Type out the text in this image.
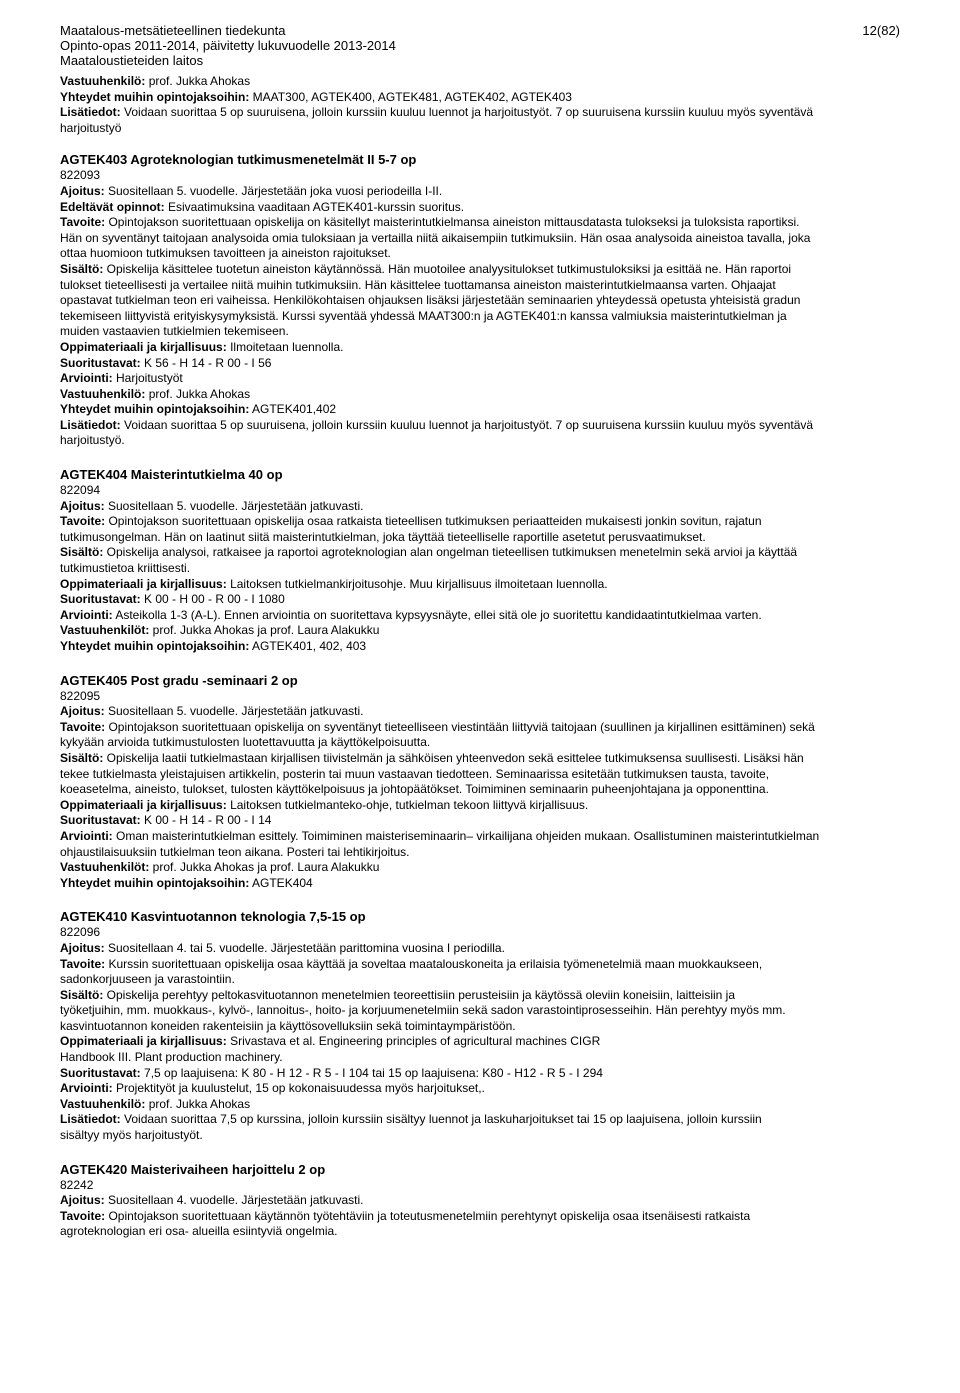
Maatalous-metsätieteellinen tiedekunta
Opinto-opas 2011-2014, päivitetty lukuvuodelle 2013-2014
Maataloustieteiden laitos
12(82)

Vastuuhenkilö: prof. Jukka Ahokas

Yhteydet muihin opintojaksoihin: MAAT300, AGTEK400, AGTEK481, AGTEK402, AGTEK403

Lisätiedot: Voidaan suorittaa 5 op suuruisena, jolloin kurssiin kuuluu luennot ja harjoitustyöt. 7 op suuruisena kurssiin kuuluu myös syventävä

harjoitustyö

AGTEK403 Agroteknologian tutkimusmenetelmät II 5-7 op

822093

Ajoitus: Suositellaan 5. vuodelle. Järjestetään joka vuosi periodeilla I-II.

Edeltävät opinnot: Esivaatimuksina vaaditaan AGTEK401-kurssin suoritus.

Tavoite: Opintojakson suoritettuaan opiskelija on käsitellyt maisterintutkielmansa aineiston mittausdatasta tulokseksi ja tuloksista raportiksi.

Hän on syventänyt taitojaan analysoida omia tuloksiaan ja vertailla niitä aikaisempiin tutkimuksiin. Hän osaa analysoida aineistoa tavalla, joka

ottaa huomioon tutkimuksen tavoitteen ja aineiston rajoitukset.

Sisältö: Opiskelija käsittelee tuotetun aineiston käytännössä. Hän muotoilee analyysitulokset tutkimustuloksiksi ja esittää ne. Hän raportoi

tulokset tieteellisesti ja vertailee niitä muihin tutkimuksiin. Hän käsittelee tuottamansa aineiston maisterintutkielmaansa varten. Ohjaajat

opastavat tutkielman teon eri vaiheissa. Henkilökohtaisen ohjauksen lisäksi järjestetään seminaarien yhteydessä opetusta yhteisistä gradun

tekemiseen liittyvistä erityiskysymyksistä. Kurssi syventää yhdessä MAAT300:n ja AGTEK401:n kanssa valmiuksia maisterintutkielman ja

muiden vastaavien tutkielmien tekemiseen.

Oppimateriaali ja kirjallisuus: Ilmoitetaan luennolla.

Suoritustavat: K 56 - H 14 - R 00 - I 56

Arviointi: Harjoitustyöt

Vastuuhenkilö: prof. Jukka Ahokas

Yhteydet muihin opintojaksoihin: AGTEK401,402

Lisätiedot: Voidaan suorittaa 5 op suuruisena, jolloin kurssiin kuuluu luennot ja harjoitustyöt. 7 op suuruisena kurssiin kuuluu myös syventävä

harjoitustyö.

AGTEK404 Maisterintutkielma 40 op

822094

Ajoitus: Suositellaan 5. vuodelle. Järjestetään jatkuvasti.

Tavoite: Opintojakson suoritettuaan opiskelija osaa ratkaista tieteellisen tutkimuksen periaatteiden mukaisesti jonkin sovitun, rajatun

tutkimusongelman. Hän on laatinut siitä maisterintutkielman, joka täyttää tieteelliselle raportille asetetut perusvaatimukset.

Sisältö: Opiskelija analysoi, ratkaisee ja raportoi agroteknologian alan ongelman tieteellisen tutkimuksen menetelmin sekä arvioi ja käyttää

tutkimustietoa kriittisesti.

Oppimateriaali ja kirjallisuus: Laitoksen tutkielmankirjoitusohje. Muu kirjallisuus ilmoitetaan luennolla.

Suoritustavat: K 00 - H 00 - R 00 - I 1080

Arviointi: Asteikolla 1-3 (A-L). Ennen arviointia on suoritettava kypsyysnäyte, ellei sitä ole jo suoritettu kandidaatintutkielmaa varten.

Vastuuhenkilöt: prof. Jukka Ahokas ja prof. Laura Alakukku

Yhteydet muihin opintojaksoihin: AGTEK401, 402, 403

AGTEK405 Post gradu -seminaari 2 op

822095

Ajoitus: Suositellaan 5. vuodelle. Järjestetään jatkuvasti.

Tavoite: Opintojakson suoritettuaan opiskelija on syventänyt tieteelliseen viestintään liittyviä taitojaan (suullinen ja kirjallinen esittäminen) sekä

kykyään arvioida tutkimustulosten luotettavuutta ja käyttökelpoisuutta.

Sisältö: Opiskelija laatii tutkielmastaan kirjallisen tiivistelmän ja sähköisen yhteenvedon sekä esittelee tutkimuksensa suullisesti. Lisäksi hän

tekee tutkielmasta yleistajuisen artikkelin, posterin tai muun vastaavan tiedotteen. Seminaarissa esitetään tutkimuksen tausta, tavoite,

koeasetelma, aineisto, tulokset, tulosten käyttökelpoisuus ja johtopäätökset. Toimiminen seminaarin puheenjohtajana ja opponenttina.

Oppimateriaali ja kirjallisuus: Laitoksen tutkielmanteko-ohje, tutkielman tekoon liittyvä kirjallisuus.

Suoritustavat: K 00 - H 14 - R 00 - I 14

Arviointi: Oman maisterintutkielman esittely. Toimiminen maisteriseminaarin– virkailijana ohjeiden mukaan. Osallistuminen maisterintutkielman

ohjaustilaisuuksiin tutkielman teon aikana. Posteri tai lehtikirjoitus.

Vastuuhenkilöt: prof. Jukka Ahokas ja prof. Laura Alakukku

Yhteydet muihin opintojaksoihin: AGTEK404

AGTEK410 Kasvintuotannon teknologia 7,5-15 op

822096

Ajoitus: Suositellaan 4. tai 5. vuodelle. Järjestetään parittomina vuosina I periodilla.

Tavoite: Kurssin suoritettuaan opiskelija osaa käyttää ja soveltaa maatalouskoneita ja erilaisia työmenetelmiä maan muokkaukseen,

sadonkorjuuseen ja varastointiin.

Sisältö: Opiskelija perehtyy peltokasvituotannon menetelmien teoreettisiin perusteisiin ja käytössä oleviin koneisiin, laitteisiin ja

työketjuihin, mm. muokkaus-, kylvö-, lannoitus-, hoito- ja korjuumenetelmiin sekä sadon varastointiprosesseihin. Hän perehtyy myös mm.

kasvintuotannon koneiden rakenteisiin ja käyttösovelluksiin sekä toimintaympäristöön.

Oppimateriaali ja kirjallisuus: Srivastava et al. Engineering principles of agricultural machines CIGR

Handbook III. Plant production machinery.

Suoritustavat: 7,5 op laajuisena: K 80 - H 12 - R 5 - I 104 tai 15 op laajuisena: K80 - H12 - R 5 - I 294

Arviointi: Projektityöt ja kuulustelut, 15 op kokonaisuudessa myös harjoitukset,.

Vastuuhenkilö: prof. Jukka Ahokas

Lisätiedot: Voidaan suorittaa 7,5 op kurssina, jolloin kurssiin sisältyy luennot ja laskuharjoitukset tai 15 op laajuisena, jolloin kurssiin

sisältyy myös harjoitustyöt.

AGTEK420 Maisterivaiheen harjoittelu 2 op

82242

Ajoitus: Suositellaan 4. vuodelle. Järjestetään jatkuvasti.

Tavoite: Opintojakson suoritettuaan käytännön työtehtäviin ja toteutusmenetelmiin perehtynyt opiskelija osaa itsenäisesti ratkaista

agroteknologian eri osa- alueilla esiintyviä ongelmia.
